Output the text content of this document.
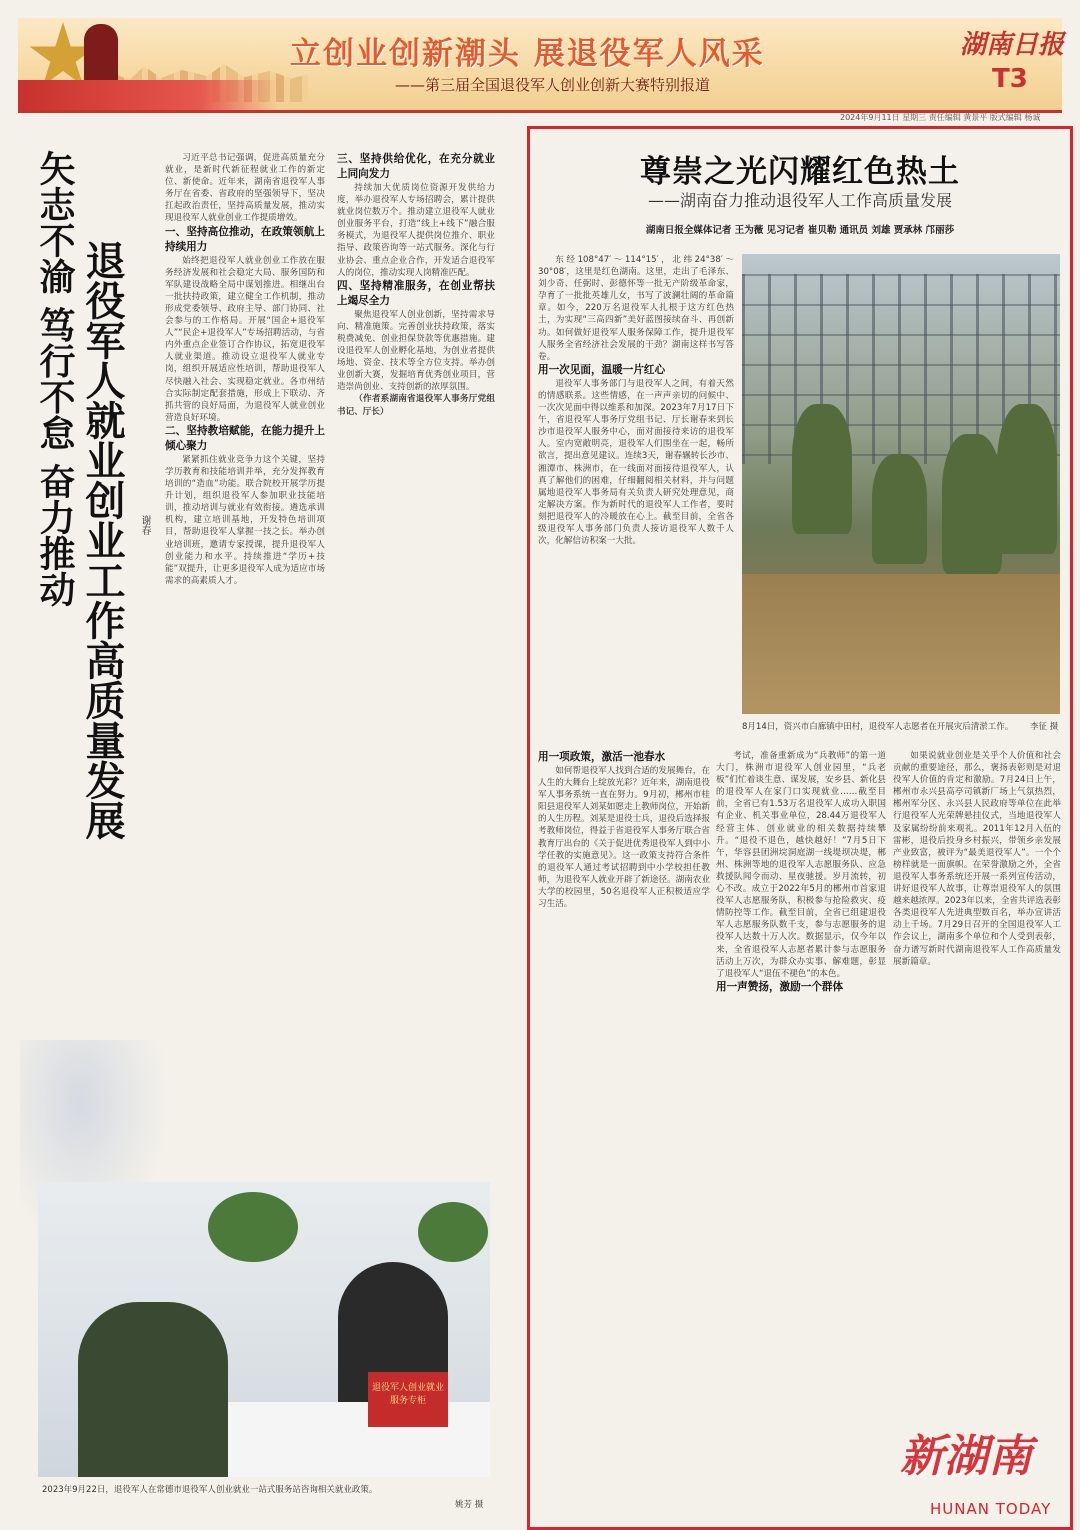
立创业创新潮头 展退役军人风采
——第三届全国退役军人创业创新大赛特别报道
湖南日报
T3
2024年9月11日 星期三 责任编辑 黄景平 版式编辑 杨诚
矢志不渝 笃行不怠 奋力推动 退役军人就业创业工作高质量发展 谢春

习近平总书记强调，促进高质量充分就业，是新时代新征程就业工作的新定位、新使命。近年来，湖南省退役军人事务厅在省委、省政府的坚强领导下，坚决扛起政治责任，坚持高质量发展，推动实现退役军人就业创业工作提质增效。

一、坚持高位推动，在政策领航上持续用力

始终把退役军人就业创业工作放在服务经济发展和社会稳定大局、服务国防和军队建设战略全局中谋划推进。相继出台一批扶持政策，建立健全工作机制，推动形成党委领导、政府主导、部门协同、社会参与的工作格局。开展“国企+退役军人”“民企+退役军人”专场招聘活动，与省内外重点企业签订合作协议，拓宽退役军人就业渠道。推动设立退役军人就业专岗，组织开展适应性培训，帮助退役军人尽快融入社会、实现稳定就业。各市州结合实际制定配套措施，形成上下联动、齐抓共管的良好局面，为退役军人就业创业营造良好环境。

二、坚持教培赋能，在能力提升上倾心聚力

紧紧抓住就业竞争力这个关键，坚持学历教育和技能培训并举，充分发挥教育培训的“造血”功能。联合院校开展学历提升计划，组织退役军人参加职业技能培训，推动培训与就业有效衔接。遴选承训机构，建立培训基地，开发特色培训项目，帮助退役军人掌握一技之长。举办创业培训班，邀请专家授课，提升退役军人创业能力和水平。持续推进“学历+技能”双提升，让更多退役军人成为适应市场需求的高素质人才。

三、坚持供给优化，在充分就业上同向发力

持续加大优质岗位资源开发供给力度，举办退役军人专场招聘会，累计提供就业岗位数万个。推动建立退役军人就业创业服务平台，打造“线上+线下”融合服务模式，为退役军人提供岗位推介、职业指导、政策咨询等一站式服务。深化与行业协会、重点企业合作，开发适合退役军人的岗位，推动实现人岗精准匹配。

四、坚持精准服务，在创业帮扶上竭尽全力

聚焦退役军人创业创新，坚持需求导向、精准施策。完善创业扶持政策，落实税费减免、创业担保贷款等优惠措施。建设退役军人创业孵化基地，为创业者提供场地、资金、技术等全方位支持。举办创业创新大赛，发掘培育优秀创业项目，营造崇尚创业、支持创新的浓厚氛围。

（作者系湖南省退役军人事务厅党组书记、厅长）

退役军人创业就业服务专柜
2023年9月22日，退役军人在常德市退役军人创业就业一站式服务站咨询相关就业政策。
姚芳 摄
尊崇之光闪耀红色热土
——湖南奋力推动退役军人工作高质量发展
湖南日报全媒体记者 王为薇 见习记者 崔贝勒 通讯员 刘雄 贾承林 邝丽莎

东经108°47′～114°15′，北纬24°38′～30°08′，这里是红色湖南。这里，走出了毛泽东、刘少奇、任弼时、彭德怀等一批无产阶级革命家，孕育了一批批英雄儿女，书写了波澜壮阔的革命篇章。如今，220万名退役军人扎根于这方红色热土，为实现“三高四新”美好蓝图接续奋斗、再创新功。如何做好退役军人服务保障工作，提升退役军人服务全省经济社会发展的干劲？湖南这样书写答卷。

用一次见面，温暖一片红心

退役军人事务部门与退役军人之间，有着天然的情感联系。这些情感，在一声声亲切的问候中、一次次见面中得以维系和加深。2023年7月17日下午，省退役军人事务厅党组书记、厅长谢春来到长沙市退役军人服务中心，面对面接待来访的退役军人。室内宽敞明亮，退役军人们围坐在一起，畅所欲言，提出意见建议。连续3天，谢春辗转长沙市、湘潭市、株洲市，在一线面对面接待退役军人，认真了解他们的困难，仔细翻阅相关材料，并与问题属地退役军人事务局有关负责人研究处理意见，商定解决方案。作为新时代的退役军人工作者，要时刻把退役军人的冷暖放在心上。截至目前，全省各级退役军人事务部门负责人接访退役军人数千人次，化解信访积案一大批。

8月14日，资兴市白廊镇中田村，退役军人志愿者在开展灾后清淤工作。	李征 摄

用一项政策，激活一池春水

如何帮退役军人找到合适的发展舞台，在人生的大舞台上绽放光彩？近年来，湖南退役军人事务系统一直在努力。9月初，郴州市桂阳县退役军人刘某如愿走上教师岗位，开始新的人生历程。刘某是退役士兵，退役后选择报考教师岗位，得益于省退役军人事务厅联合省教育厅出台的《关于促进优秀退役军人到中小学任教的实施意见》。这一政策支持符合条件的退役军人通过考试招聘到中小学校担任教师，为退役军人就业开辟了新途径。湖南农业大学的校园里，50名退役军人正积极适应学习生活。

考试，准备重新成为“兵教师”的第一道大门，株洲市退役军人创业园里，“兵老板”们忙着谈生意、谋发展，安乡县、新化县的退役军人在家门口实现就业……截至目前，全省已有1.53万名退役军人成功入职国有企业、机关事业单位，28.44万退役军人经营主体、创业就业的相关数据持续攀升。“退役不退色，越快越好！”7月5日下午，华容县团洲垸洞庭湖一线堤坝决堤，郴州、株洲等地的退役军人志愿服务队、应急救援队闻令而动、星夜驰援。岁月流转，初心不改。成立于2022年5月的郴州市首家退役军人志愿服务队，积极参与抢险救灾、疫情防控等工作。截至目前，全省已组建退役军人志愿服务队数千支，参与志愿服务的退役军人达数十万人次。数据显示，仅今年以来，全省退役军人志愿者累计参与志愿服务活动上万次，为群众办实事、解难题，彰显了退役军人“退伍不褪色”的本色。

用一声赞扬，激励一个群体

如果说就业创业是关乎个人价值和社会贡献的重要途径，那么，褒扬表彰则是对退役军人价值的肯定和激励。7月24日上午，郴州市永兴县高亭司镇新厂场上气氛热烈，郴州军分区、永兴县人民政府等单位在此举行退役军人光荣牌悬挂仪式，当地退役军人及家属纷纷前来观礼。2011年12月入伍的雷彬，退役后投身乡村振兴，带领乡亲发展产业致富，被评为“最美退役军人”。一个个榜样就是一面旗帜。在荣誉激励之外，全省退役军人事务系统还开展一系列宣传活动，讲好退役军人故事，让尊崇退役军人的氛围越来越浓厚。2023年以来，全省共评选表彰各类退役军人先进典型数百名，举办宣讲活动上千场。7月29日召开的全国退役军人工作会议上，湖南多个单位和个人受到表彰，奋力谱写新时代湖南退役军人工作高质量发展新篇章。

新湖南
HUNAN TODAY
